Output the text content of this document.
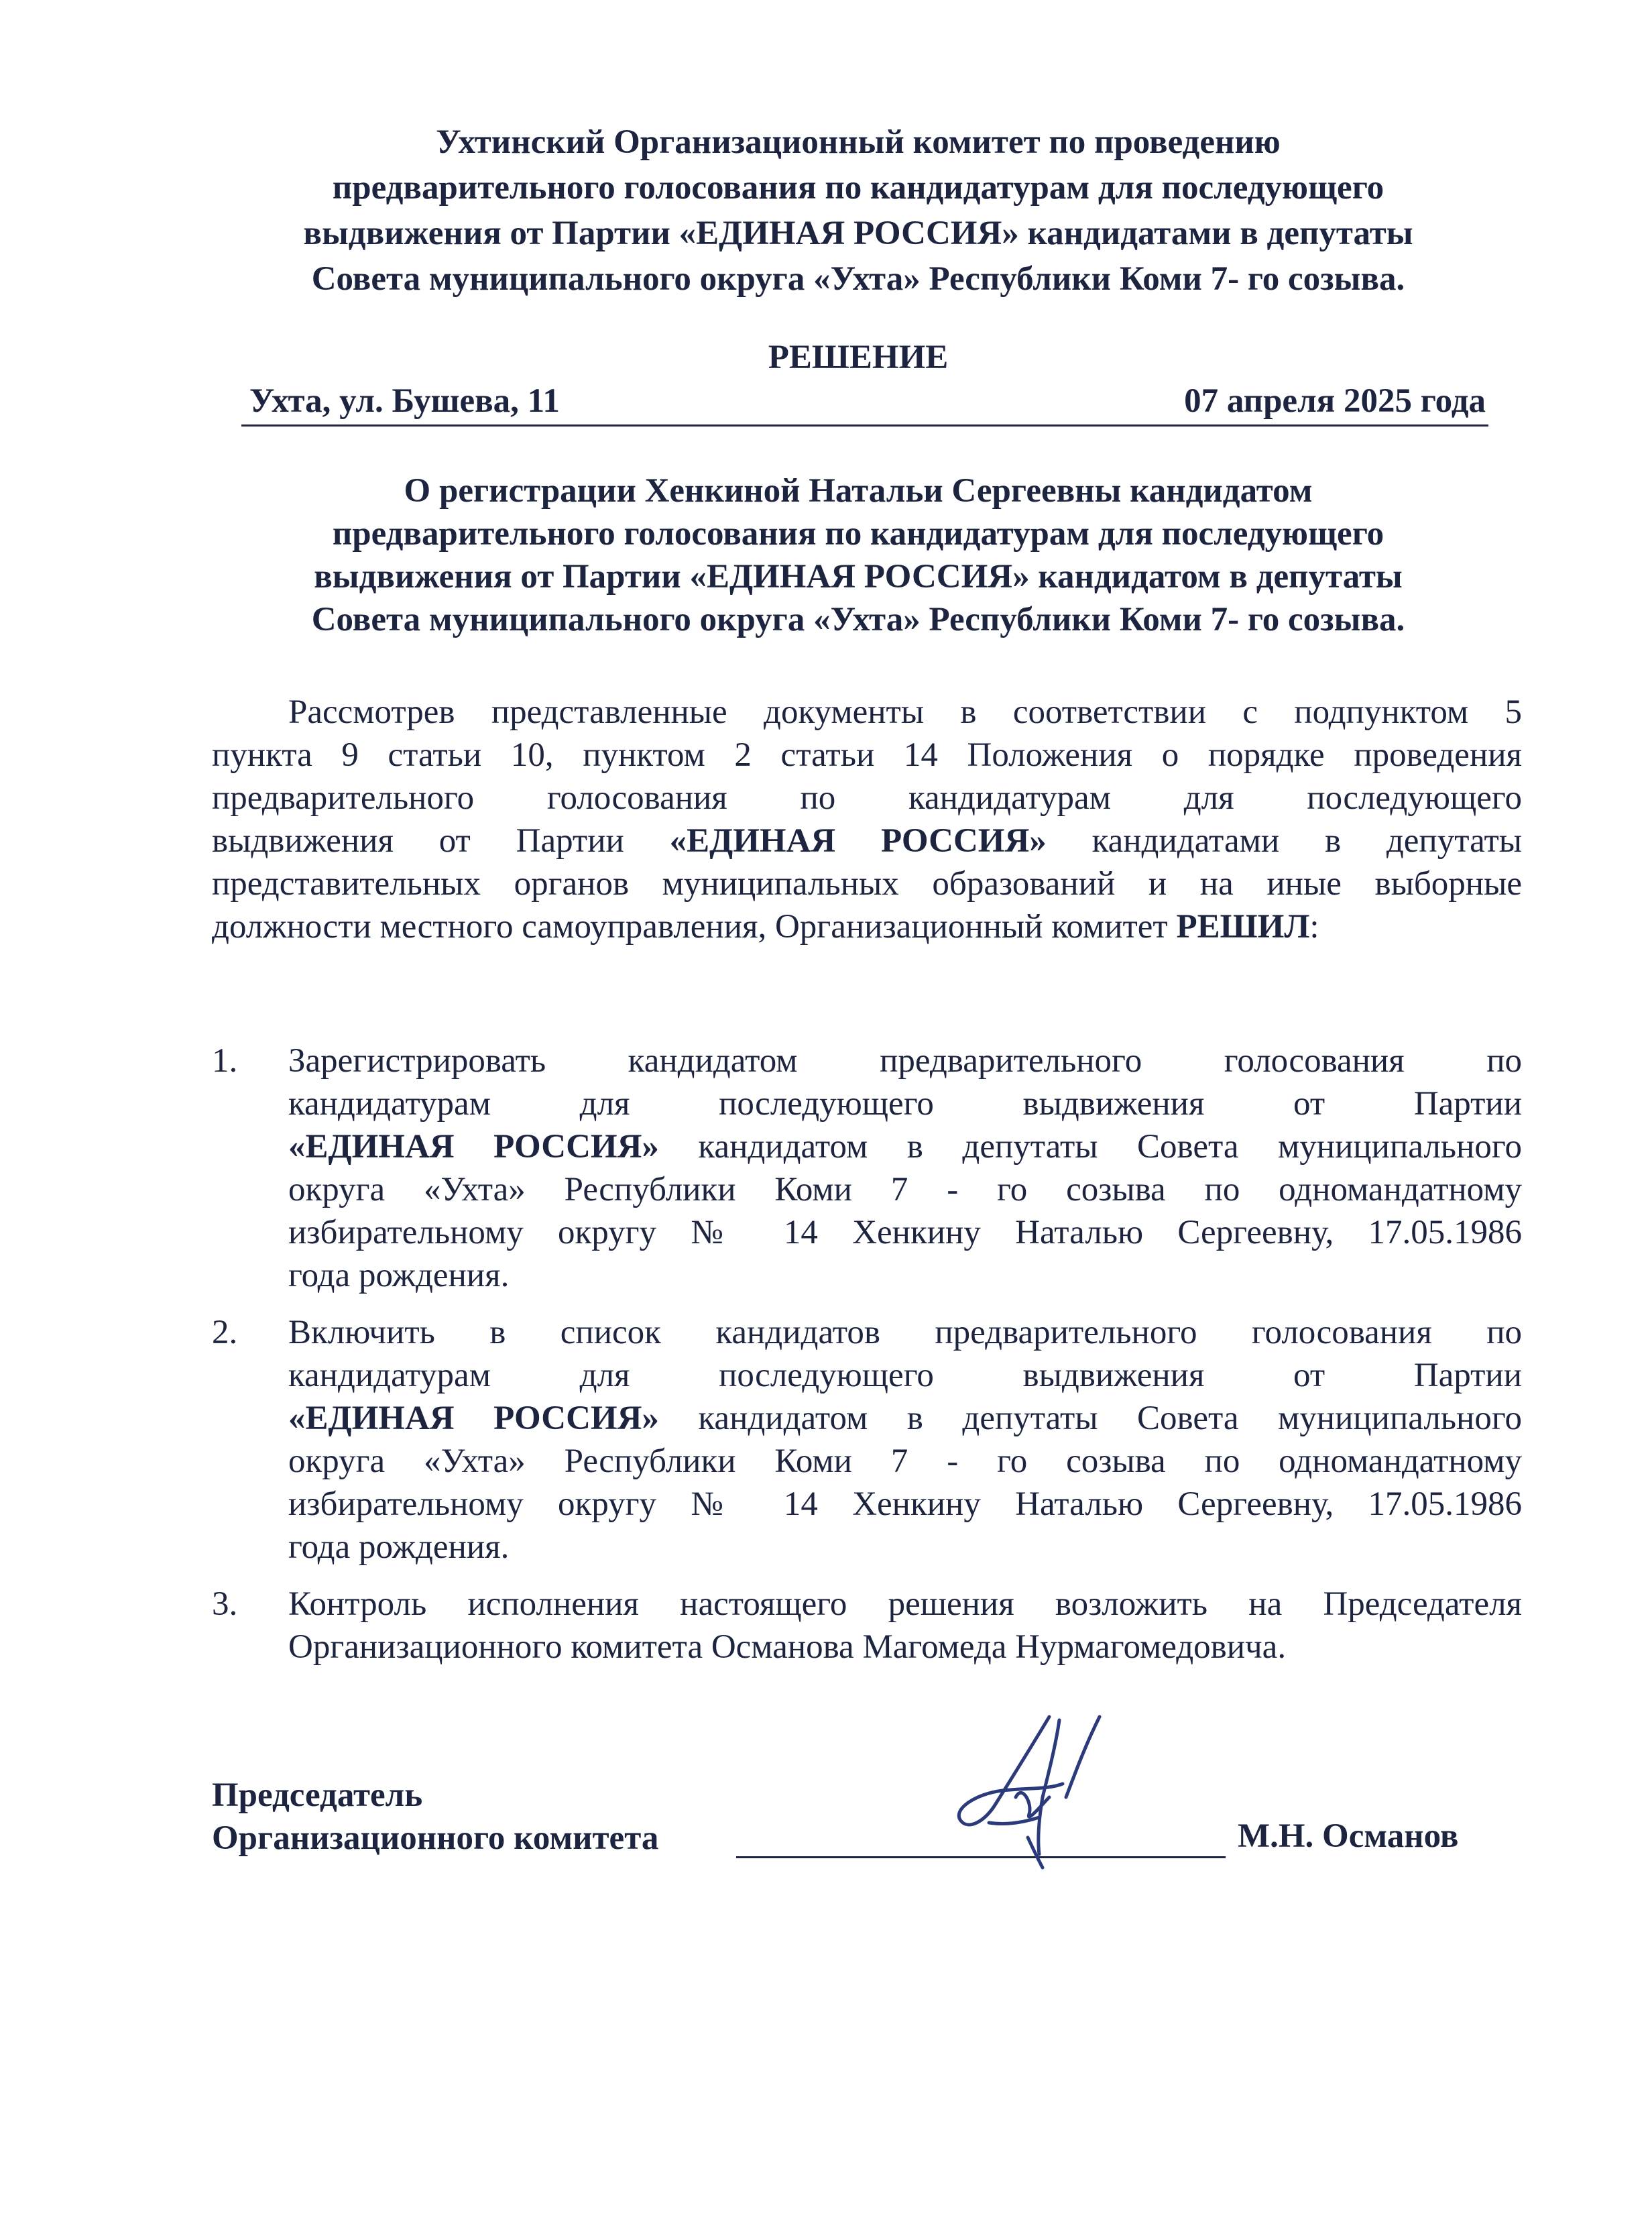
Ухтинский Организационный комитет по проведению
предварительного голосования по кандидатурам для последующего
выдвижения от Партии «ЕДИНАЯ РОССИЯ» кандидатами в депутаты
Совета муниципального округа «Ухта» Республики Коми 7- го созыва.
РЕШЕНИЕ
Ухта, ул. Бушева, 11	07 апреля 2025 года
О регистрации Хенкиной Натальи Сергеевны кандидатом
предварительного голосования по кандидатурам для последующего
выдвижения от Партии «ЕДИНАЯ РОССИЯ» кандидатом в депутаты
Совета муниципального округа «Ухта» Республики Коми 7- го созыва.
Рассмотрев представленные документы в соответствии с подпунктом 5
пункта 9 статьи 10, пунктом 2 статьи 14 Положения о порядке проведения
предварительного голосования по кандидатурам для последующего
выдвижения от Партии «ЕДИНАЯ РОССИЯ» кандидатами в депутаты
представительных органов муниципальных образований и на иные выборные
должности местного самоуправления, Организационный комитет РЕШИЛ:
1. Зарегистрировать кандидатом предварительного голосования по
кандидатурам для последующего выдвижения от Партии
«ЕДИНАЯ РОССИЯ» кандидатом в депутаты Совета муниципального
округа «Ухта» Республики Коми 7 - го созыва по одномандатному
избирательному округу № 14 Хенкину Наталью Сергеевну, 17.05.1986
года рождения.
2. Включить в список кандидатов предварительного голосования по
кандидатурам для последующего выдвижения от Партии
«ЕДИНАЯ РОССИЯ» кандидатом в депутаты Совета муниципального
округа «Ухта» Республики Коми 7 - го созыва по одномандатному
избирательному округу № 14 Хенкину Наталью Сергеевну, 17.05.1986
года рождения.
3. Контроль исполнения настоящего решения возложить на Председателя
Организационного комитета Османова Магомеда Нурмагомедовича.
Председатель
Организационного комитета	М.Н. Османов
